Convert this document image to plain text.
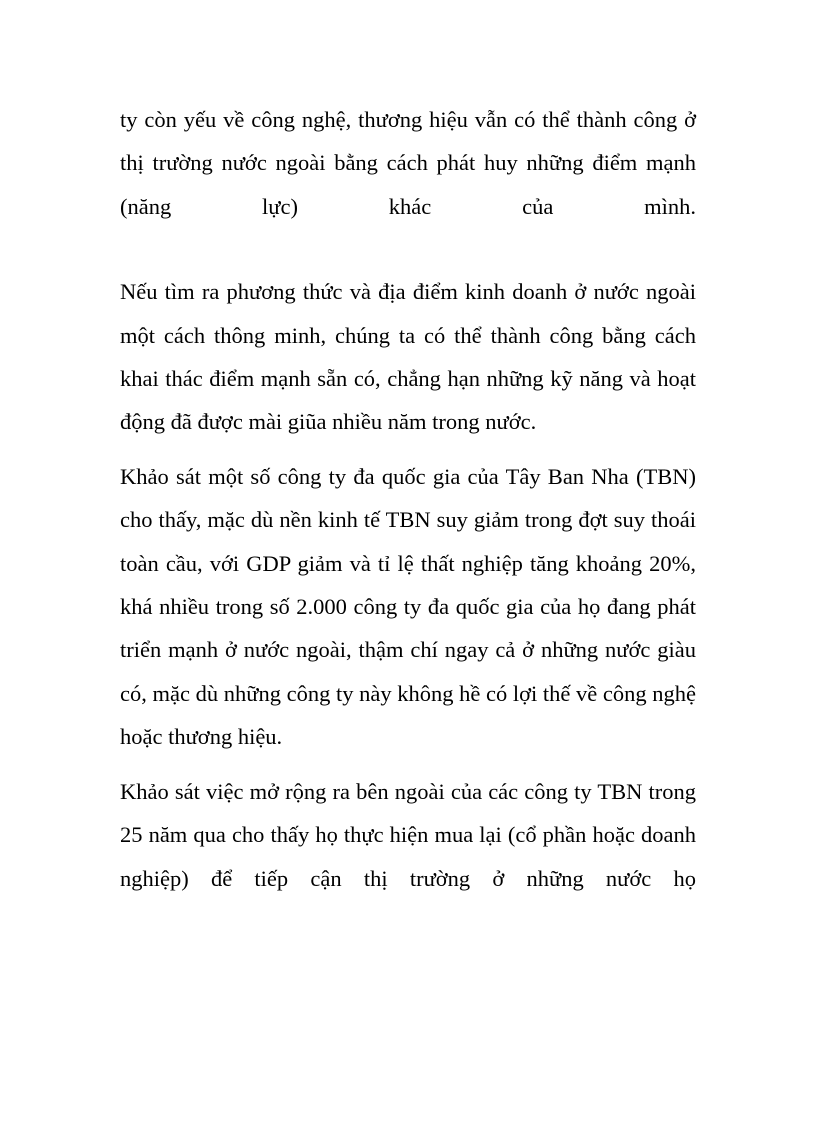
ty còn yếu về công nghệ, thương hiệu vẫn có thể thành công ở thị trường nước ngoài bằng cách phát huy những điểm mạnh (năng lực) khác của mình.

Nếu tìm ra phương thức và địa điểm kinh doanh ở nước ngoài một cách thông minh, chúng ta có thể thành công bằng cách khai thác điểm mạnh sẵn có, chẳng hạn những kỹ năng và hoạt động đã được mài giũa nhiều năm trong nước.

Khảo sát một số công ty đa quốc gia của Tây Ban Nha (TBN) cho thấy, mặc dù nền kinh tế TBN suy giảm trong đợt suy thoái toàn cầu, với GDP giảm và tỉ lệ thất nghiệp tăng khoảng 20%, khá nhiều trong số 2.000 công ty đa quốc gia của họ đang phát triển mạnh ở nước ngoài, thậm chí ngay cả ở những nước giàu có, mặc dù những công ty này không hề có lợi thế về công nghệ hoặc thương hiệu.

Khảo sát việc mở rộng ra bên ngoài của các công ty TBN trong 25 năm qua cho thấy họ thực hiện mua lại (cổ phần hoặc doanh nghiệp) để tiếp cận thị trường ở những nước họ
